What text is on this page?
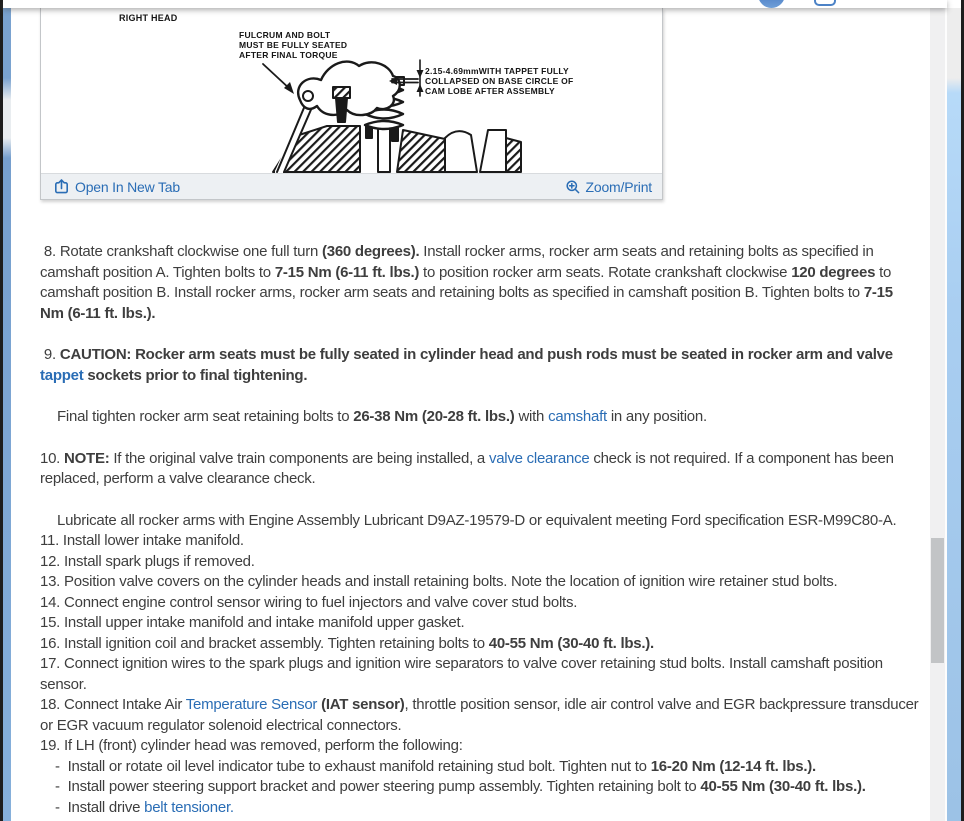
RIGHT HEAD
FULCRUM AND BOLT
MUST BE FULLY SEATED
AFTER FINAL TORQUE
2.15-4.69mmWITH TAPPET FULLY
COLLAPSED ON BASE CIRCLE OF
CAM LOBE AFTER ASSEMBLY
Open In New Tab	Zoom/Print
8. Rotate crankshaft clockwise one full turn (360 degrees). Install rocker arms, rocker arm seats and retaining bolts as specified in camshaft position A. Tighten bolts to 7-15 Nm (6-11 ft. lbs.) to position rocker arm seats. Rotate crankshaft clockwise 120 degrees to camshaft position B. Install rocker arms, rocker arm seats and retaining bolts as specified in camshaft position B. Tighten bolts to 7-15 Nm (6-11 ft. lbs.).
9. CAUTION: Rocker arm seats must be fully seated in cylinder head and push rods must be seated in rocker arm and valve tappet sockets prior to final tightening.
Final tighten rocker arm seat retaining bolts to 26-38 Nm (20-28 ft. lbs.) with camshaft in any position.
10. NOTE: If the original valve train components are being installed, a valve clearance check is not required. If a component has been replaced, perform a valve clearance check.
Lubricate all rocker arms with Engine Assembly Lubricant D9AZ-19579-D or equivalent meeting Ford specification ESR-M99C80-A.
11. Install lower intake manifold.
12. Install spark plugs if removed.
13. Position valve covers on the cylinder heads and install retaining bolts. Note the location of ignition wire retainer stud bolts.
14. Connect engine control sensor wiring to fuel injectors and valve cover stud bolts.
15. Install upper intake manifold and intake manifold upper gasket.
16. Install ignition coil and bracket assembly. Tighten retaining bolts to 40-55 Nm (30-40 ft. lbs.).
17. Connect ignition wires to the spark plugs and ignition wire separators to valve cover retaining stud bolts. Install camshaft position sensor.
18. Connect Intake Air Temperature Sensor (IAT sensor), throttle position sensor, idle air control valve and EGR backpressure transducer or EGR vacuum regulator solenoid electrical connectors.
19. If LH (front) cylinder head was removed, perform the following:
-  Install or rotate oil level indicator tube to exhaust manifold retaining stud bolt. Tighten nut to 16-20 Nm (12-14 ft. lbs.).
-  Install power steering support bracket and power steering pump assembly. Tighten retaining bolt to 40-55 Nm (30-40 ft. lbs.).
-  Install drive belt tensioner.
